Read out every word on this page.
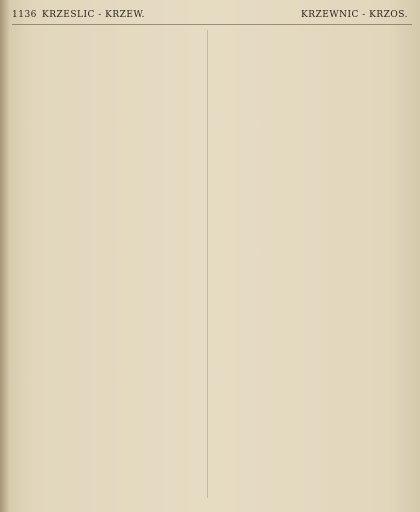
1136 KRZESLIC - KRZEW.	KRZEWNIC - KRZOS.
